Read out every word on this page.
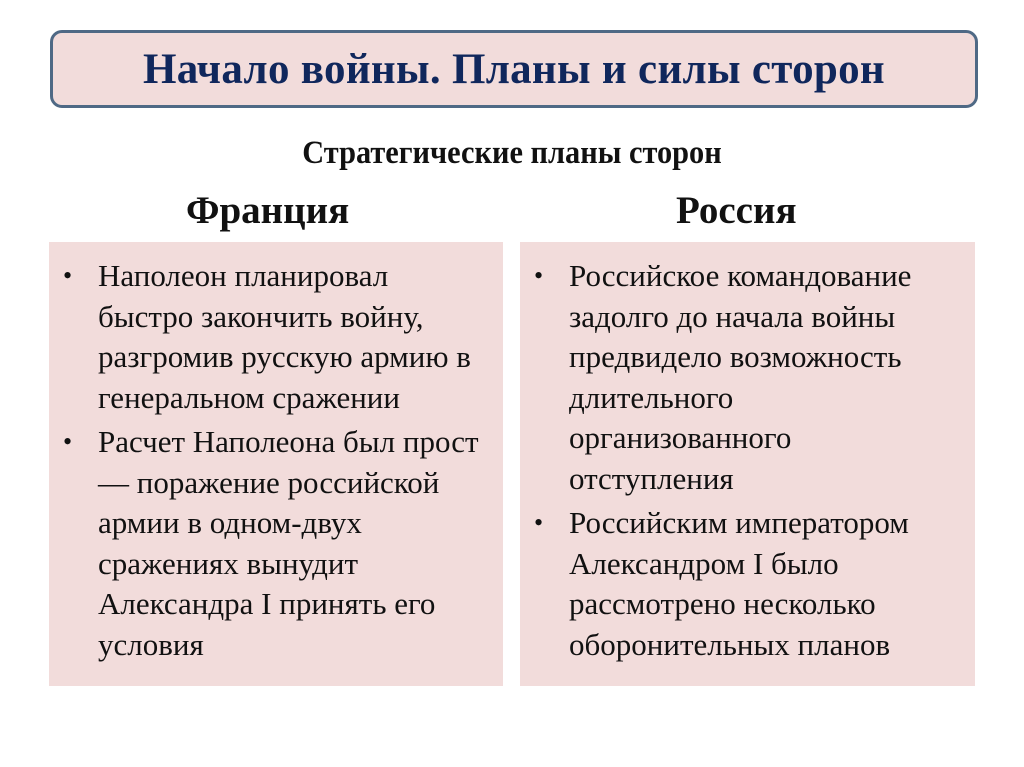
Начало войны. Планы и силы сторон
Стратегические планы сторон
Франция	Россия
• Наполеон планировал быстро закончить войну, разгромив русскую армию в генеральном сражении
• Расчет Наполеона был прост — поражение российской армии в одном-двух сражениях вынудит Александра I принять его условия
• Российское командование задолго до начала войны предвидело возможность длительного организованного отступления
• Российским императором Александром I было рассмотрено несколько оборонительных планов
